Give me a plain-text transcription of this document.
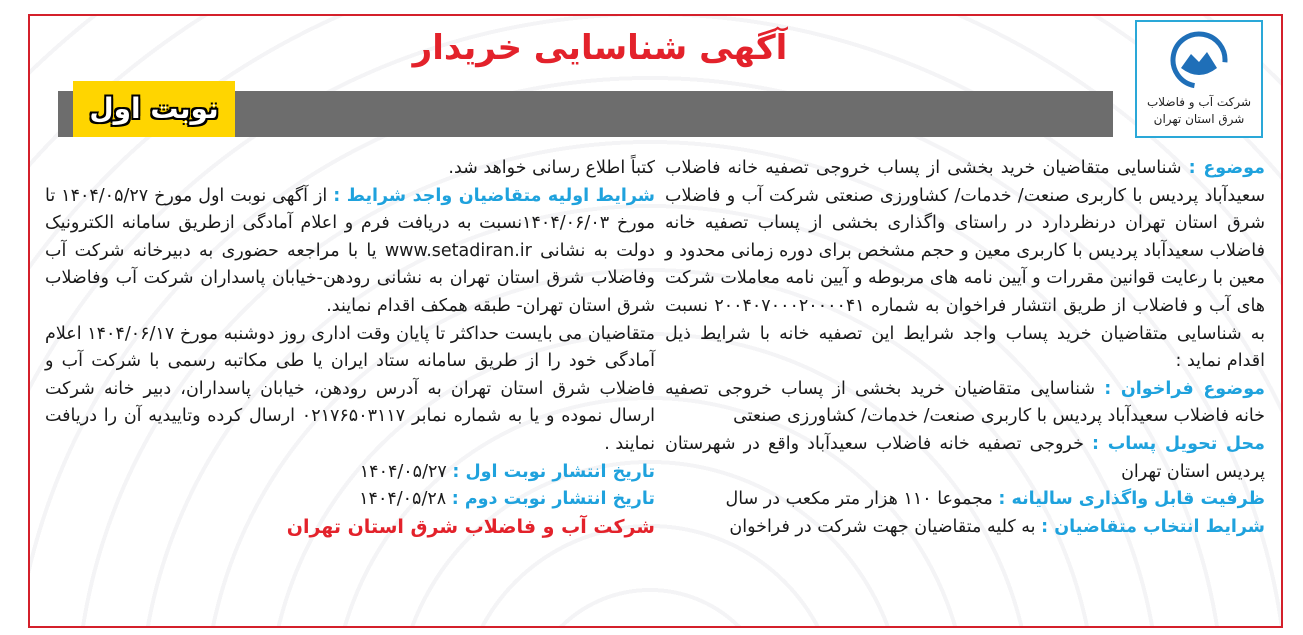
شرکت آب و فاضلاب
شرق استان تهران
آگهی شناسایی خریدار
نوبت اول

موضوع : شناسایی متقاضیان خرید بخشی از پساب خروجی تصفیه خانه فاضلاب سعیدآباد پردیس با کاربری صنعت/ خدمات/ کشاورزی صنعتی شرکت آب و فاضلاب شرق استان تهران درنظردارد در راستای واگذاری بخشی از پساب تصفیه خانه فاضلاب سعیدآباد پردیس با کاربری معین و حجم مشخص برای دوره زمانی محدود و معین با رعایت قوانین مقررات و آیین نامه های مربوطه و آیین نامه معاملات شرکت های آب و فاضلاب از طریق انتشار فراخوان به شماره ۲۰۰۴۰۷۰۰۰۲۰۰۰۰۴۱ نسبت به شناسایی متقاضیان خرید پساب واجد شرایط این تصفیه خانه با شرایط ذیل اقدام نماید :

موضوع فراخوان : شناسایی متقاضیان خرید بخشی از پساب خروجی تصفیه خانه فاضلاب سعیدآباد پردیس با کاربری صنعت/ خدمات/ کشاورزی صنعتی

محل تحویل پساب : خروجی تصفیه خانه فاضلاب سعیدآباد واقع در شهرستان پردیس استان تهران

ظرفیت قابل واگذاری سالیانه : مجموعا ۱۱۰ هزار متر مکعب در سال

شرایط انتخاب متقاضیان : به کلیه متقاضیان جهت شرکت در فراخوان

کتباً اطلاع رسانی خواهد شد.

شرایط اولیه متقاضیان واجد شرایط : از آگهی نوبت اول مورخ ۱۴۰۴/۰۵/۲۷ تا مورخ ۱۴۰۴/۰۶/۰۳نسبت به دریافت فرم و اعلام آمادگی ازطریق سامانه الکترونیک دولت به نشانی www.setadiran.ir یا با مراجعه حضوری به دبیرخانه شرکت آب وفاضلاب شرق استان تهران به نشانی رودهن-خیابان پاسداران شرکت آب وفاضلاب شرق استان تهران- طبقه همکف اقدام نمایند.

متقاضیان می بایست حداکثر تا پایان وقت اداری روز دوشنبه مورخ ۱۴۰۴/۰۶/۱۷ اعلام آمادگی خود را از طریق سامانه ستاد ایران یا طی مکاتبه رسمی با شرکت آب و فاضلاب شرق استان تهران به آدرس رودهن، خیابان پاسداران، دبیر خانه شرکت ارسال نموده و یا به شماره نمابر ۰۲۱۷۶۵۰۳۱۱۷ ارسال کرده وتاییدیه آن را دریافت نمایند .

تاریخ انتشار نوبت اول : ۱۴۰۴/۰۵/۲۷

تاریخ انتشار نوبت دوم : ۱۴۰۴/۰۵/۲۸

شرکت آب و فاضلاب شرق استان تهران
